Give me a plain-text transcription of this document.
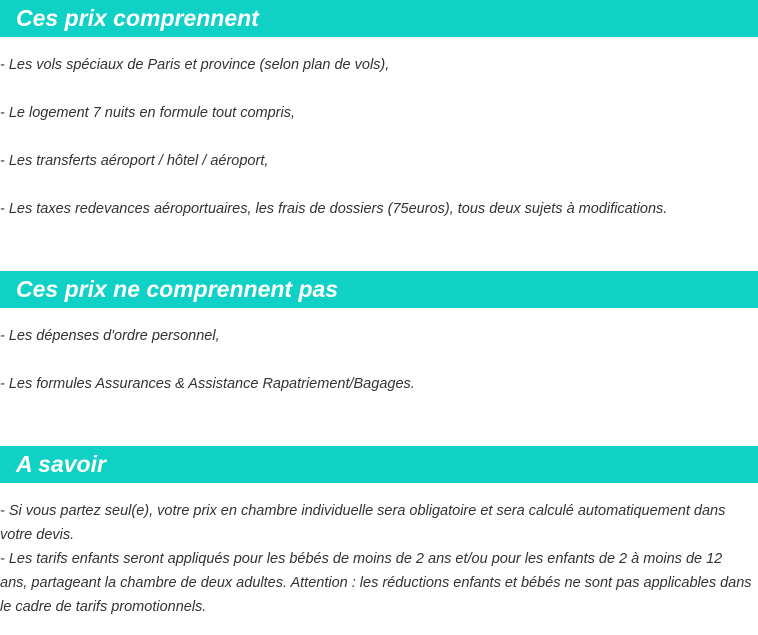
Ces prix comprennent

- Les vols spéciaux de Paris et province (selon plan de vols),

- Le logement 7 nuits en formule tout compris,

- Les transferts aéroport / hôtel / aéroport,

- Les taxes redevances aéroportuaires, les frais de dossiers (75euros), tous deux sujets à modifications.

Ces prix ne comprennent pas

- Les dépenses d'ordre personnel,

- Les formules Assurances & Assistance Rapatriement/Bagages.

A savoir

- Si vous partez seul(e), votre prix en chambre individuelle sera obligatoire et sera calculé automatiquement dans votre devis.

- Les tarifs enfants seront appliqués pour les bébés de moins de 2 ans et/ou pour les enfants de 2 à moins de 12 ans, partageant la chambre de deux adultes. Attention : les réductions enfants et bébés ne sont pas applicables dans le cadre de tarifs promotionnels.
